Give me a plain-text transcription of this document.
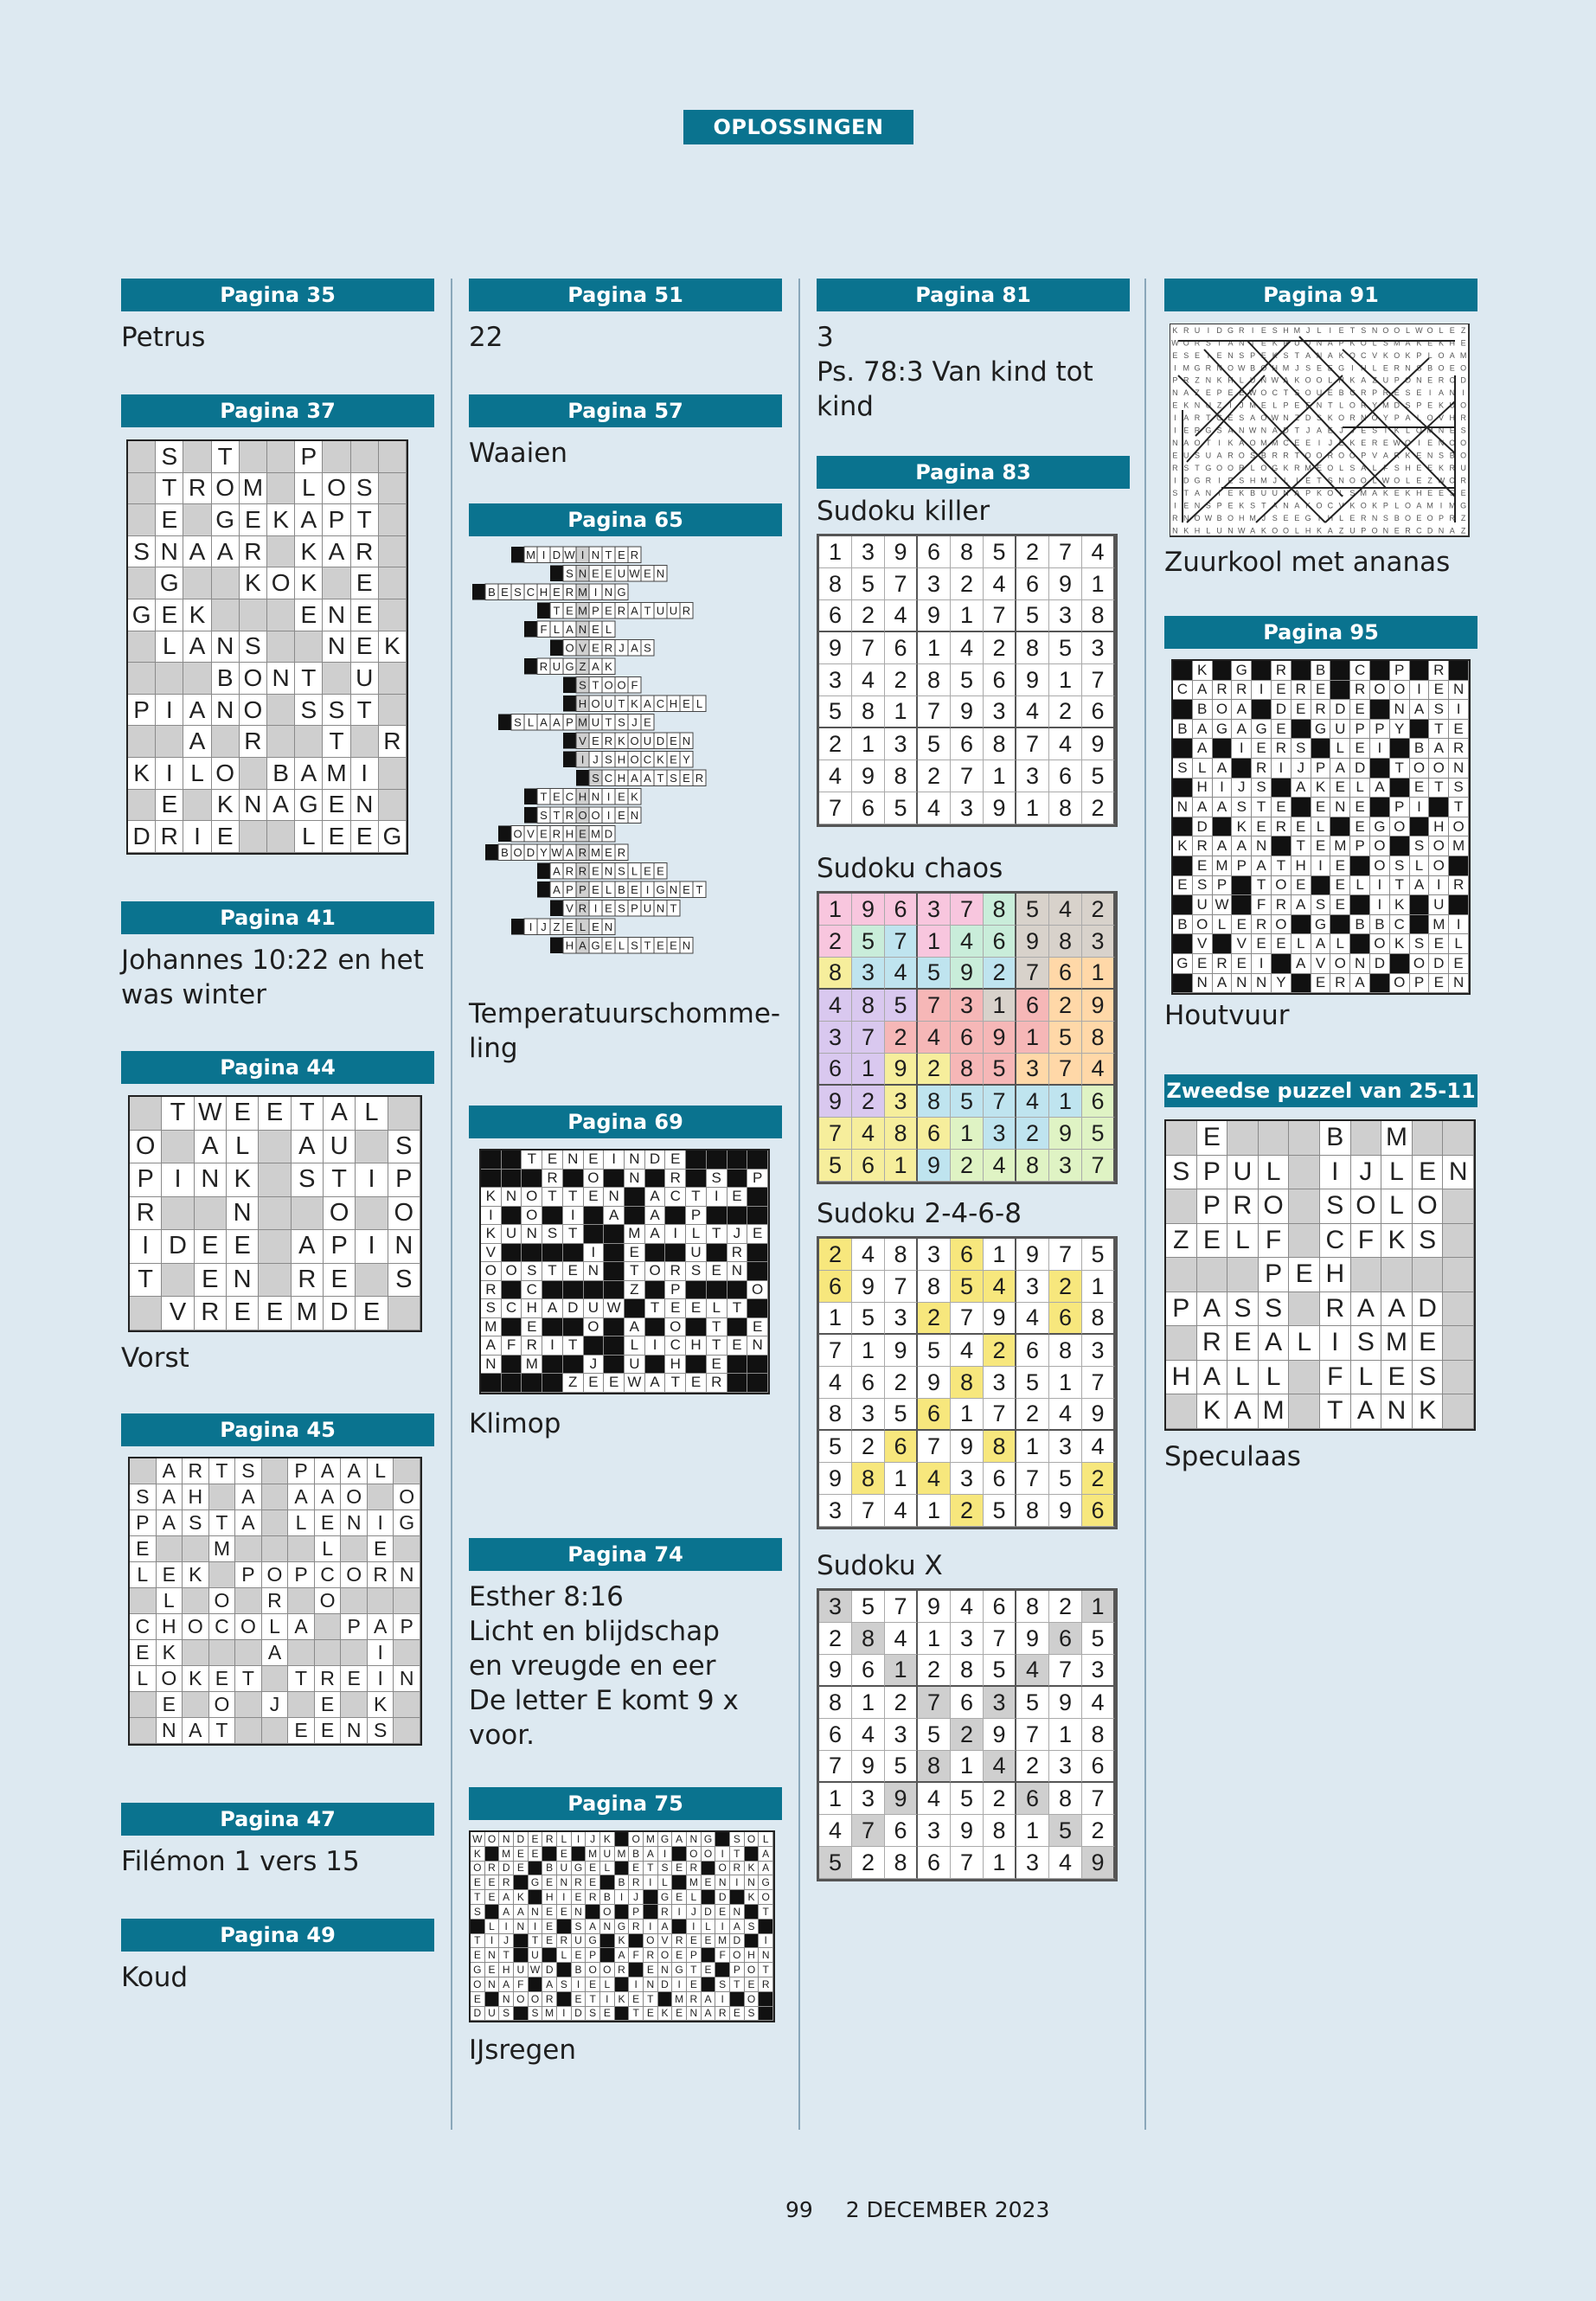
OPLOSSINGEN
Pagina 35
Petrus
Pagina 37
S T	P
T R O M L O S
E G E K A P T
S N A A R K A R
G	K O K E
G E K	E N E
L A N S	N E K
B O N T U
P I A N O S S T
A R	T R
K I L O B A M I
E K N A G E N
D R I E	L E E G
Pagina 41
Johannes 10:22 en het
was winter
Pagina 44
T W E E T A L
O A L	A U	S
P I N K	S T I P
R	N	O O
I D E E	A P I N
T	E N	R E	S
V R E E M D E
Vorst
Pagina 45
A R T S	P A A L
S A H	A	A A O O
P A S T A	L E N I G
E	M	L	E
L E K	P O P C O R N
L	O R	O
C H O C O L A	P A P
E K	A	I
L O K E T	T R E I N
E	O	J	E	K
N A T	E E N S
Pagina 47
Filémon 1 vers 15
Pagina 49
Koud
Pagina 51
22
Pagina 57
Waaien
Pagina 65
M I D W I N T E R
S N E E U W E N
B E S C H E R M I N G
T E M P E R A T U U R
F L A N E L
O V E R J A S
R U G Z A K
S T O O F
H O U T K A C H E L
S L A A P M U T S J E
V E R K O U D E N
I J S H O C K E Y
S C H A A T S E R
T E C H N I E K
S T R O O I E N
O V E R H E M D
B O D Y W A R M E R
A R R E N S L E E
A P P E L B E I G N E T
V R I E S P U N T
I J Z E L E N
H A G E L S T E E N
Temperatuurschomme-
ling
Pagina 69
T E N E I N D E
R	O	N	R	S	P
K N O T T E N	A C T I E
I	O	I	A	A	P
K U N S T	M A I L T J E
V	I	E	U	R
O O S T E N	T O R S E N
R	C	Z	P	O
S C H A D U W	T E E L T
M	E	O	A	O	T	E
A F R I T	L I C H T E N
N	M	J	U	H	E
Z E E W A T E R
Klimop
Pagina 74
Esther 8:16
Licht en blijdschap
en vreugde en eer
De letter E komt 9 x
voor.
Pagina 75
W O N D E R L I	J K	O M G A N G	S O L
K	M E E	E	M U M B A I	O O I T	A
O R D E	B U G E L	E T S E R	O R K A
E E R	G E N R E	B R I L	M E N I N G
T E A K	H I E R B I	J	G E L	D	K O
S	A A N E E N	O	P	R I J D E N	T
L I N I E	S A N G R I A	I L I A S
T I	J	T E R U G	K	O V R E E M D	I
E N T	U	L E P	A F R O E P	F O H N
G E H U W D	B O O R	E N G T E	P O T
O N A F	A S I E L	I N D I E	S T E R
E	N O O R	E T I K E T	M R A I	O
D U S	S M I D S E	T E K E N A R E S
IJsregen
Pagina 81
3
Ps. 78:3 Van kind tot
kind
Pagina 83
Sudoku killer
1 3 9 6 8 5 2 7 4
8 5 7 3 2 4 6 9 1
6 2 4 9 1 7 5 3 8
9 7 6 1 4 2 8 5 3
3 4 2 8 5 6 9 1 7
5 8 1 7 9 3 4 2 6
2 1 3 5 6 8 7 4 9
4 9 8 2 7 1 3 6 5
7 6 5 4 3 9 1 8 2
Sudoku chaos
1 9 6 3 7 8 5 4 2
2 5 7 1 4 6 9 8 3
8 3 4 5 9 2 7 6 1
4 8 5 7 3 1 6 2 9
3 7 2 4 6 9 1 5 8
6 1 9 2 8 5 3 7 4
9 2 3 8 5 7 4 1 6
7 4 8 6 1 3 2 9 5
5 6 1 9 2 4 8 3 7
Sudoku 2-4-6-8
2 4 8 3 6 1 9 7 5
6 9 7 8 5 4 3 2 1
1 5 3 2 7 9 4 6 8
7 1 9 5 4 2 6 8 3
4 6 2 9 8 3 5 1 7
8 3 5 6 1 7 2 4 9
5 2 6 7 9 8 1 3 4
9 8 1 4 3 6 7 5 2
3 7 4 1 2 5 8 9 6
Sudoku X
3 5 7 9 4 6 8 2 1
2 8 4 1 3 7 9 6 5
9 6 1 2 8 5 4 7 3
8 1 2 7 6 3 5 9 4
6 4 3 5 2 9 7 1 8
7 9 5 8 1 4 2 3 6
1 3 9 4 5 2 6 8 7
4 7 6 3 9 8 1 5 2
5 2 8 6 7 1 3 4 9
Pagina 91
K R U I D G R I E S H M J L I E T S N O O L W O L E Z
W O R S T A N I E K B U U N A P K O L S M A K E K H E
E S E I E N S P E K S T A N A K O C V K O K P L O A M
I M G R N O W B H M J S E G I L E R N B O E O
P R Z N K H L U N W A K O O L K A Z U P O N E R C D
N A Z E P E E W O C T O U E B C R P R E S E I A N I
E K N Z I J M E L P E N T L O R Y M D S P E K U O
I A R T G E S A O W N D K O R N O Y P A L O V H R
I E R G S A N W N A D T J A E J E S T K L O N E S
N A O T I K A O M M C E E I J E K E R E W O I E N O O
E U S U A R O S B R R T O O R O O P V A K E N S B O
R S T G O O R L O G K R M E O L S A L F S H E E K R U
I D G R I S H M J L I E T S N O O L W O L E Z W O R
S T A N I E K B U U	P K O L S M A K E K H E E E
I E N S P E K S T N A O C V K O K P L O A M I M G
R N O W B O H M J S E E G I L E R N S B O E O P R Z
N K H L U N W A K O O L H K A Z U P O N E R C D N A Z
Zuurkool met ananas
Pagina 95
K	G	R	B	C	P	R
C A R R I E R E	R O O I E N
B O A	D E R D E	N A S I
B A G A G E	G U P P Y	T E
A	I E R S	L E I	B A R
S L A	R I J P A D	T O O N
H I J S	A K E L A	E T S
N A A S T E	E N E	P I	T
D	K E R E L	E G O	H O
K R A A N	T E M P O	S O M
E M P A T H I E	O S L O
E S P	T O E	E L I T A I R
U W	F R A S E	I K	U
B O L E R O	G	B B C	M I
V	V E E L A L	O K S E L
G E R E I	A V O N D	O D E
N A N N Y	E R A	O P E N
Houtvuur
Zweedse puzzel van 25-11
E	B M
S P U L	I J L E N
P R O S O L O
Z E L F	C F K S
P E H
P A S S R A A D
R E A L I S M E
H A L L	F L E S
K A M T A N K
Speculaas
99 2 DECEMBER 2023
